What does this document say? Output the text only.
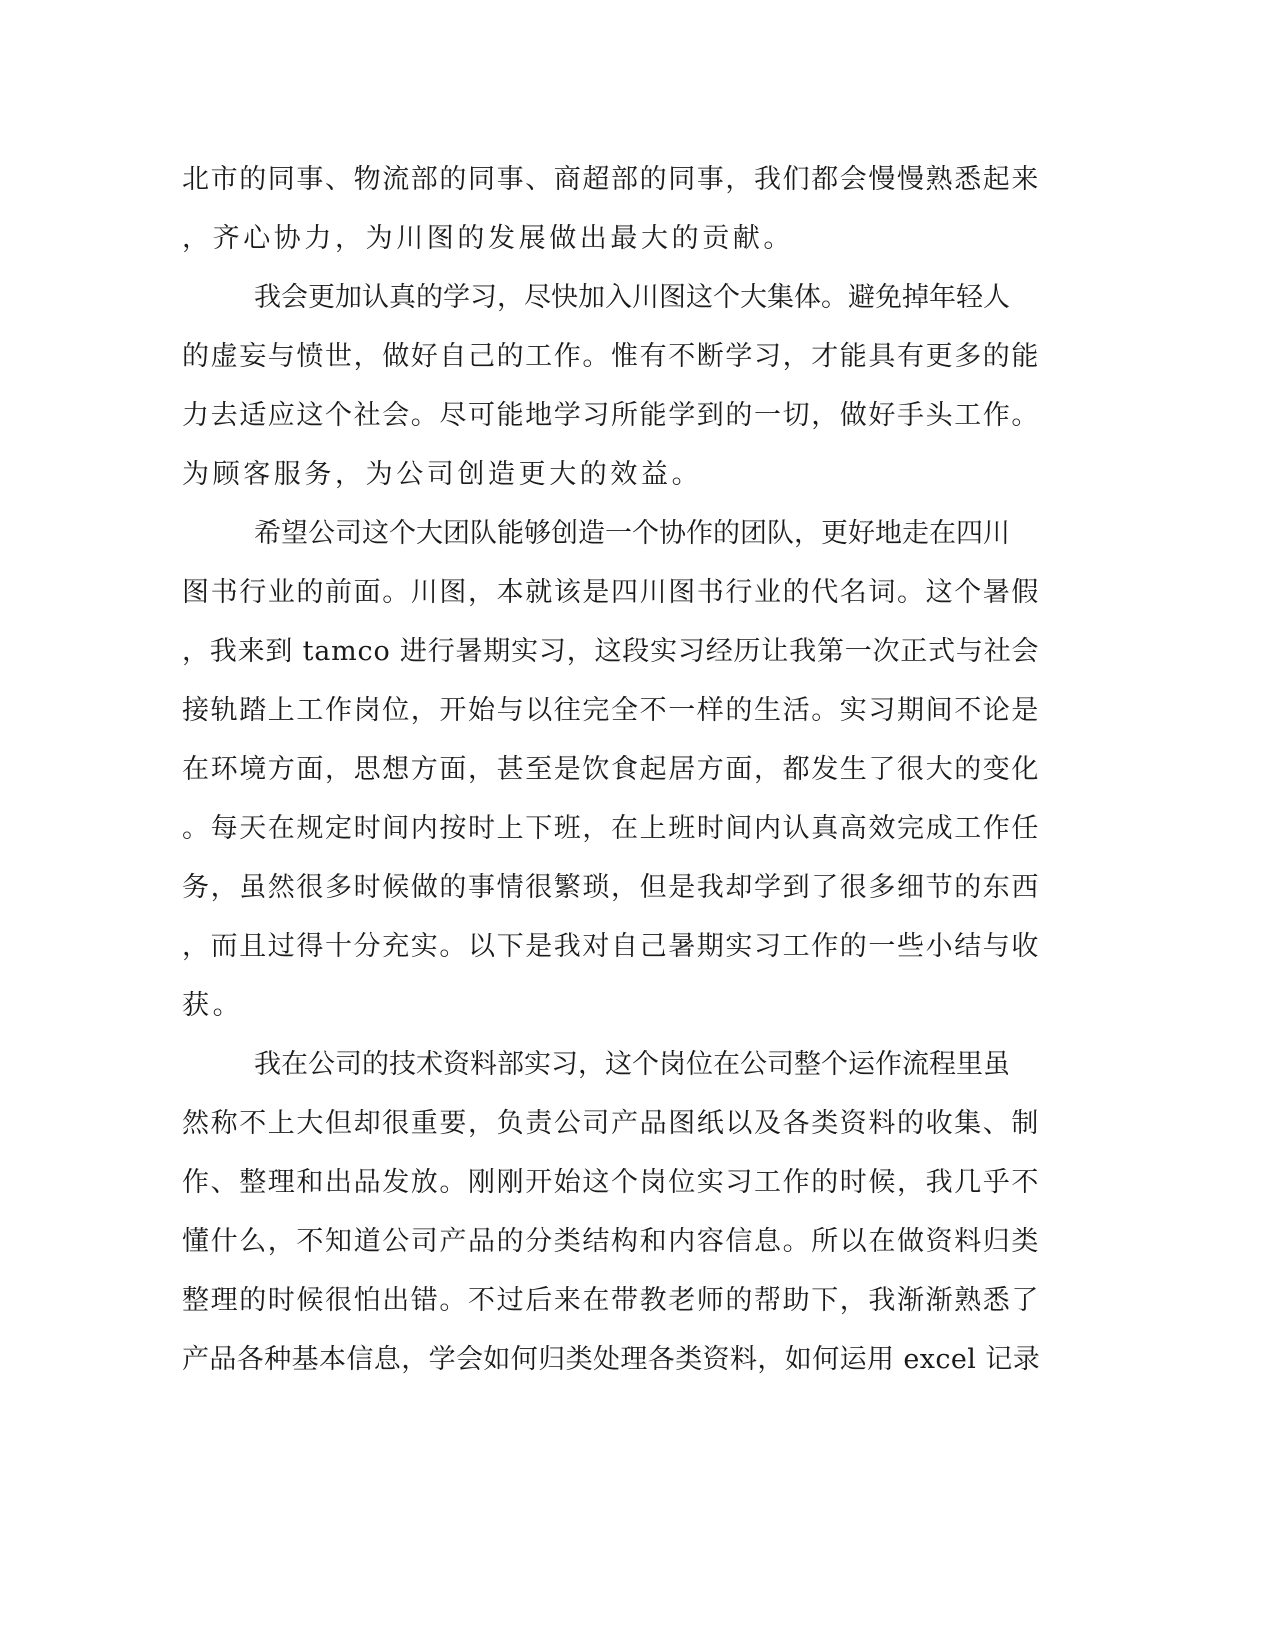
北市的同事、物流部的同事、商超部的同事，我们都会慢慢熟悉起来
，齐心协力，为川图的发展做出最大的贡献。
我会更加认真的学习，尽快加入川图这个大集体。避免掉年轻人
的虚妄与愤世，做好自己的工作。惟有不断学习，才能具有更多的能
力去适应这个社会。尽可能地学习所能学到的一切，做好手头工作。
为顾客服务，为公司创造更大的效益。
希望公司这个大团队能够创造一个协作的团队，更好地走在四川
图书行业的前面。川图，本就该是四川图书行业的代名词。这个暑假
，我来到 tamco 进行暑期实习，这段实习经历让我第一次正式与社会
接轨踏上工作岗位，开始与以往完全不一样的生活。实习期间不论是
在环境方面，思想方面，甚至是饮食起居方面，都发生了很大的变化
。每天在规定时间内按时上下班，在上班时间内认真高效完成工作任
务，虽然很多时候做的事情很繁琐，但是我却学到了很多细节的东西
，而且过得十分充实。以下是我对自己暑期实习工作的一些小结与收
获。
我在公司的技术资料部实习，这个岗位在公司整个运作流程里虽
然称不上大但却很重要，负责公司产品图纸以及各类资料的收集、制
作、整理和出品发放。刚刚开始这个岗位实习工作的时候，我几乎不
懂什么，不知道公司产品的分类结构和内容信息。所以在做资料归类
整理的时候很怕出错。不过后来在带教老师的帮助下，我渐渐熟悉了
产品各种基本信息，学会如何归类处理各类资料，如何运用 excel 记录
